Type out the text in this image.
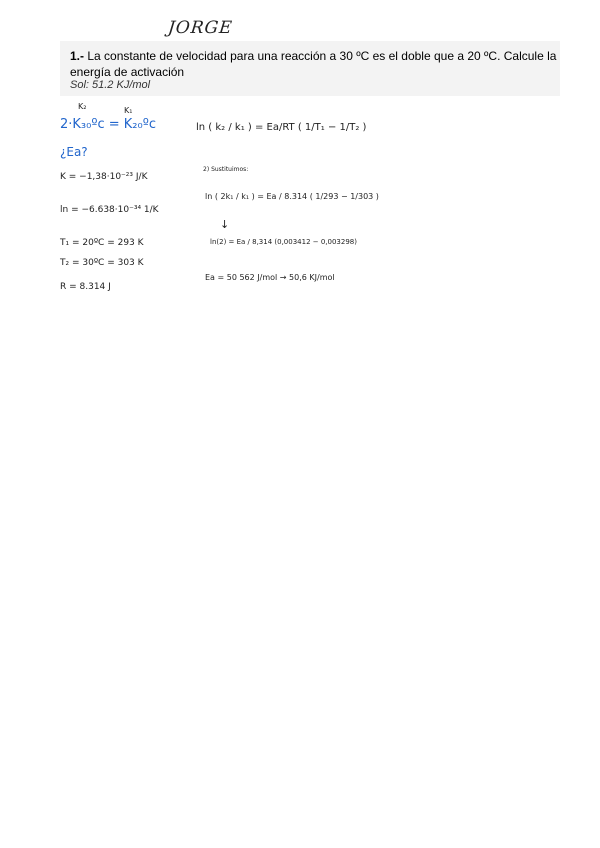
JORGE
1.- La constante de velocidad para una reacción a 30 ºC es el doble que a 20 ºC. Calcule la energía de activación
Sol: 51.2 KJ/mol
K₂	K₁
2·K₃₀ºc = K₂₀ºc
¿Ea?
K = −1,38·10⁻²³ J/K
ln = −6.638·10⁻³⁴ 1/K
T₁ = 20ºC = 293 K
T₂ = 30ºC = 303 K
R = 8.314 J
ln ( k₂ / k₁ ) = Ea/RT ( 1/T₁ − 1/T₂ )
2) Sustituimos:
ln ( 2k₁ / k₁ ) = Ea / 8.314 ( 1/293 − 1/303 )
↓
ln(2) = Ea / 8,314 (0,003412 − 0,003298)
Ea = 50 562 J/mol → 50,6 KJ/mol
